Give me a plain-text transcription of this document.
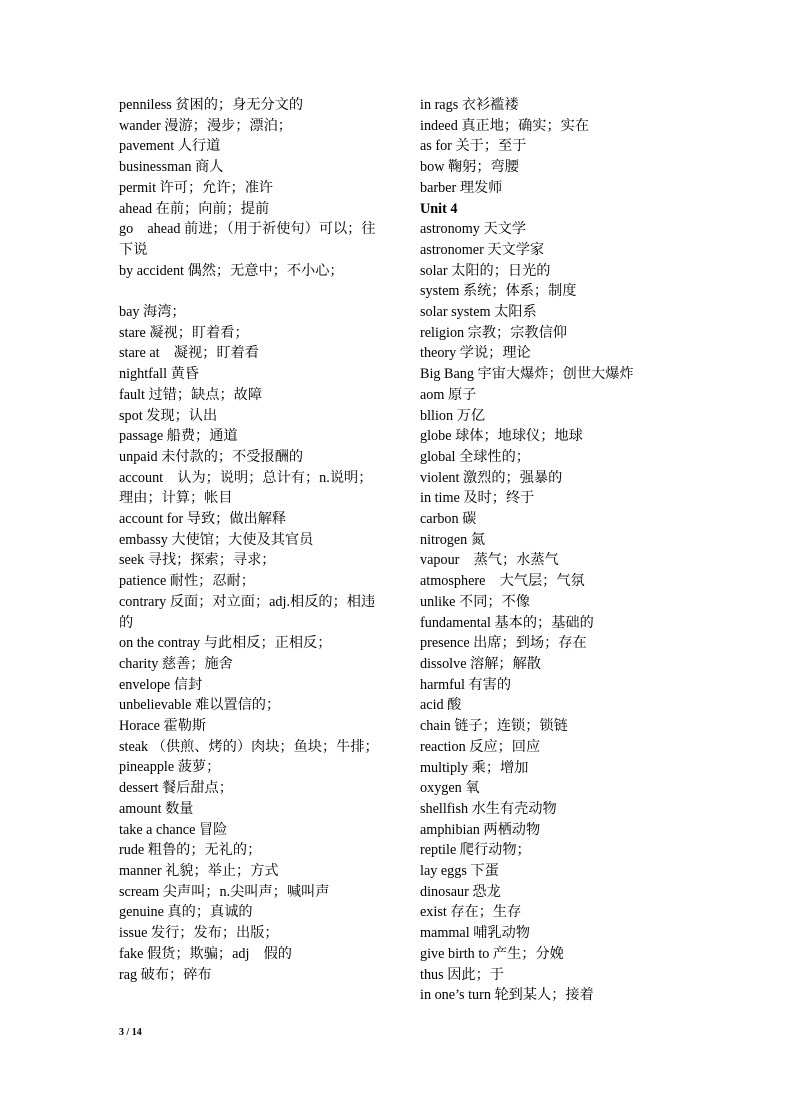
penniless 贫困的；身无分文的
wander 漫游；漫步；漂泊；
pavement 人行道
businessman 商人
permit 许可；允许；准许
ahead 在前；向前；提前
go　ahead 前进；（用于祈使句）可以；往下说
by accident 偶然；无意中；不小心；
bay 海湾；
stare 凝视；盯着看；
stare at　凝视；盯着看
nightfall 黄昏
fault 过错；缺点；故障
spot 发现；认出
passage 船费；通道
unpaid 未付款的；不受报酬的
account　认为；说明；总计有；n.说明；理由；计算；帐目
account for 导致；做出解释
embassy 大使馆；大使及其官员
seek 寻找；探索；寻求；
patience 耐性；忍耐；
contrary 反面；对立面；adj.相反的；相违的
on the contray 与此相反；正相反；
charity 慈善；施舍
envelope 信封
unbelievable 难以置信的；
Horace 霍勒斯
steak （供煎、烤的）肉块；鱼块；牛排；
pineapple 菠萝；
dessert 餐后甜点；
amount 数量
take a chance 冒险
rude 粗鲁的；无礼的；
manner 礼貌；举止；方式
scream 尖声叫；n.尖叫声；喊叫声
genuine 真的；真诚的
issue 发行；发布；出版；
fake 假货；欺骗；adj　假的
rag 破布；碎布
in rags 衣衫褴褛
indeed 真正地；确实；实在
as for 关于；至于
bow 鞠躬；弯腰
barber 理发师
Unit 4
astronomy 天文学
astronomer 天文学家
solar 太阳的；日光的
system 系统；体系；制度
solar system 太阳系
religion 宗教；宗教信仰
theory 学说；理论
Big Bang 宇宙大爆炸；创世大爆炸
aom 原子
bllion 万亿
globe 球体；地球仪；地球
global 全球性的；
violent 激烈的；强暴的
in time 及时；终于
carbon 碳
nitrogen 氮
vapour　蒸气；水蒸气
atmosphere　大气层；气氛
unlike 不同；不像
fundamental 基本的；基础的
presence 出席；到场；存在
dissolve 溶解；解散
harmful 有害的
acid 酸
chain 链子；连锁；锁链
reaction 反应；回应
multiply 乘；增加
oxygen 氧
shellfish 水生有壳动物
amphibian 两栖动物
reptile 爬行动物；
lay eggs 下蛋
dinosaur 恐龙
exist 存在；生存
mammal 哺乳动物
give birth to 产生；分娩
thus 因此；于
in one’s turn 轮到某人；接着
3 / 14
